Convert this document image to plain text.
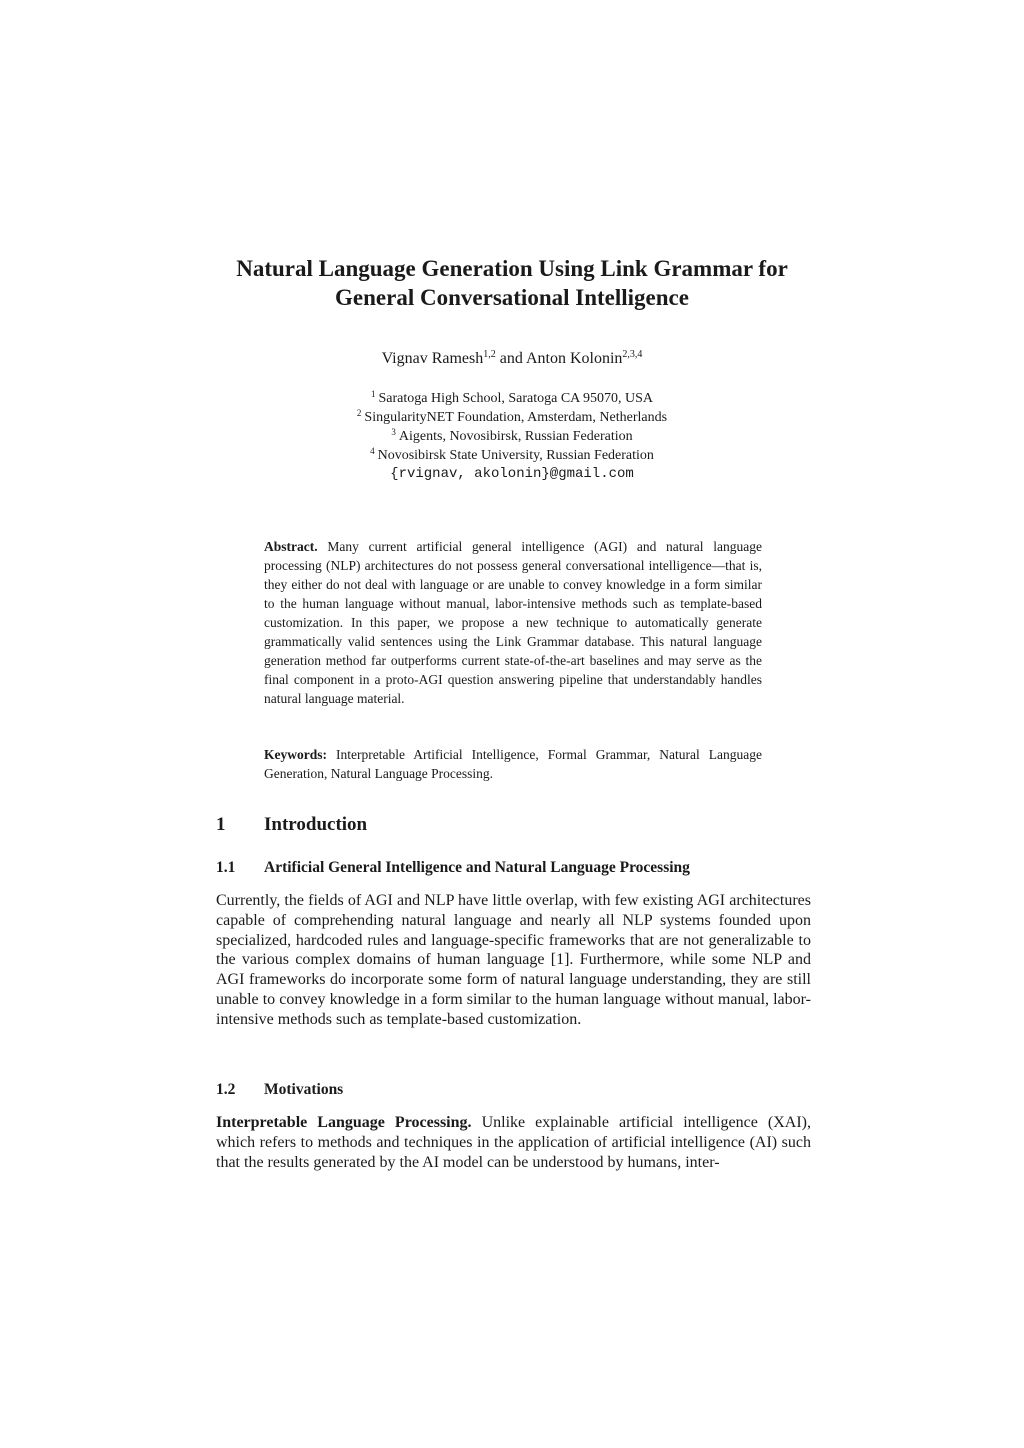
Natural Language Generation Using Link Grammar for
General Conversational Intelligence
Vignav Ramesh$^{1,2}$ and Anton Kolonin$^{2,3,4}$
$^1$ Saratoga High School, Saratoga CA 95070, USA
$^2$ SingularityNET Foundation, Amsterdam, Netherlands
$^3$ Aigents, Novosibirsk, Russian Federation
$^4$ Novosibirsk State University, Russian Federation
{rvignav, akolonin}@gmail.com
Abstract. Many current artificial general intelligence (AGI) and natural language processing (NLP) architectures do not possess general conversational intelligence—that is, they either do not deal with language or are unable to convey knowledge in a form similar to the human language without manual, labor-intensive methods such as template-based customization. In this paper, we propose a new technique to automatically generate grammatically valid sentences using the Link Grammar database. This natural language generation method far outperforms current state-of-the-art baselines and may serve as the final component in a proto-AGI question answering pipeline that understandably handles natural language material.
Keywords: Interpretable Artificial Intelligence, Formal Grammar, Natural Language Generation, Natural Language Processing.
1 Introduction
1.1 Artificial General Intelligence and Natural Language Processing
Currently, the fields of AGI and NLP have little overlap, with few existing AGI architectures capable of comprehending natural language and nearly all NLP systems founded upon specialized, hardcoded rules and language-specific frameworks that are not generalizable to the various complex domains of human language [1]. Furthermore, while some NLP and AGI frameworks do incorporate some form of natural language understanding, they are still unable to convey knowledge in a form similar to the human language without manual, labor-intensive methods such as template-based customization.
1.2 Motivations
Interpretable Language Processing. Unlike explainable artificial intelligence (XAI), which refers to methods and techniques in the application of artificial intelligence (AI) such that the results generated by the AI model can be understood by humans, inter-
